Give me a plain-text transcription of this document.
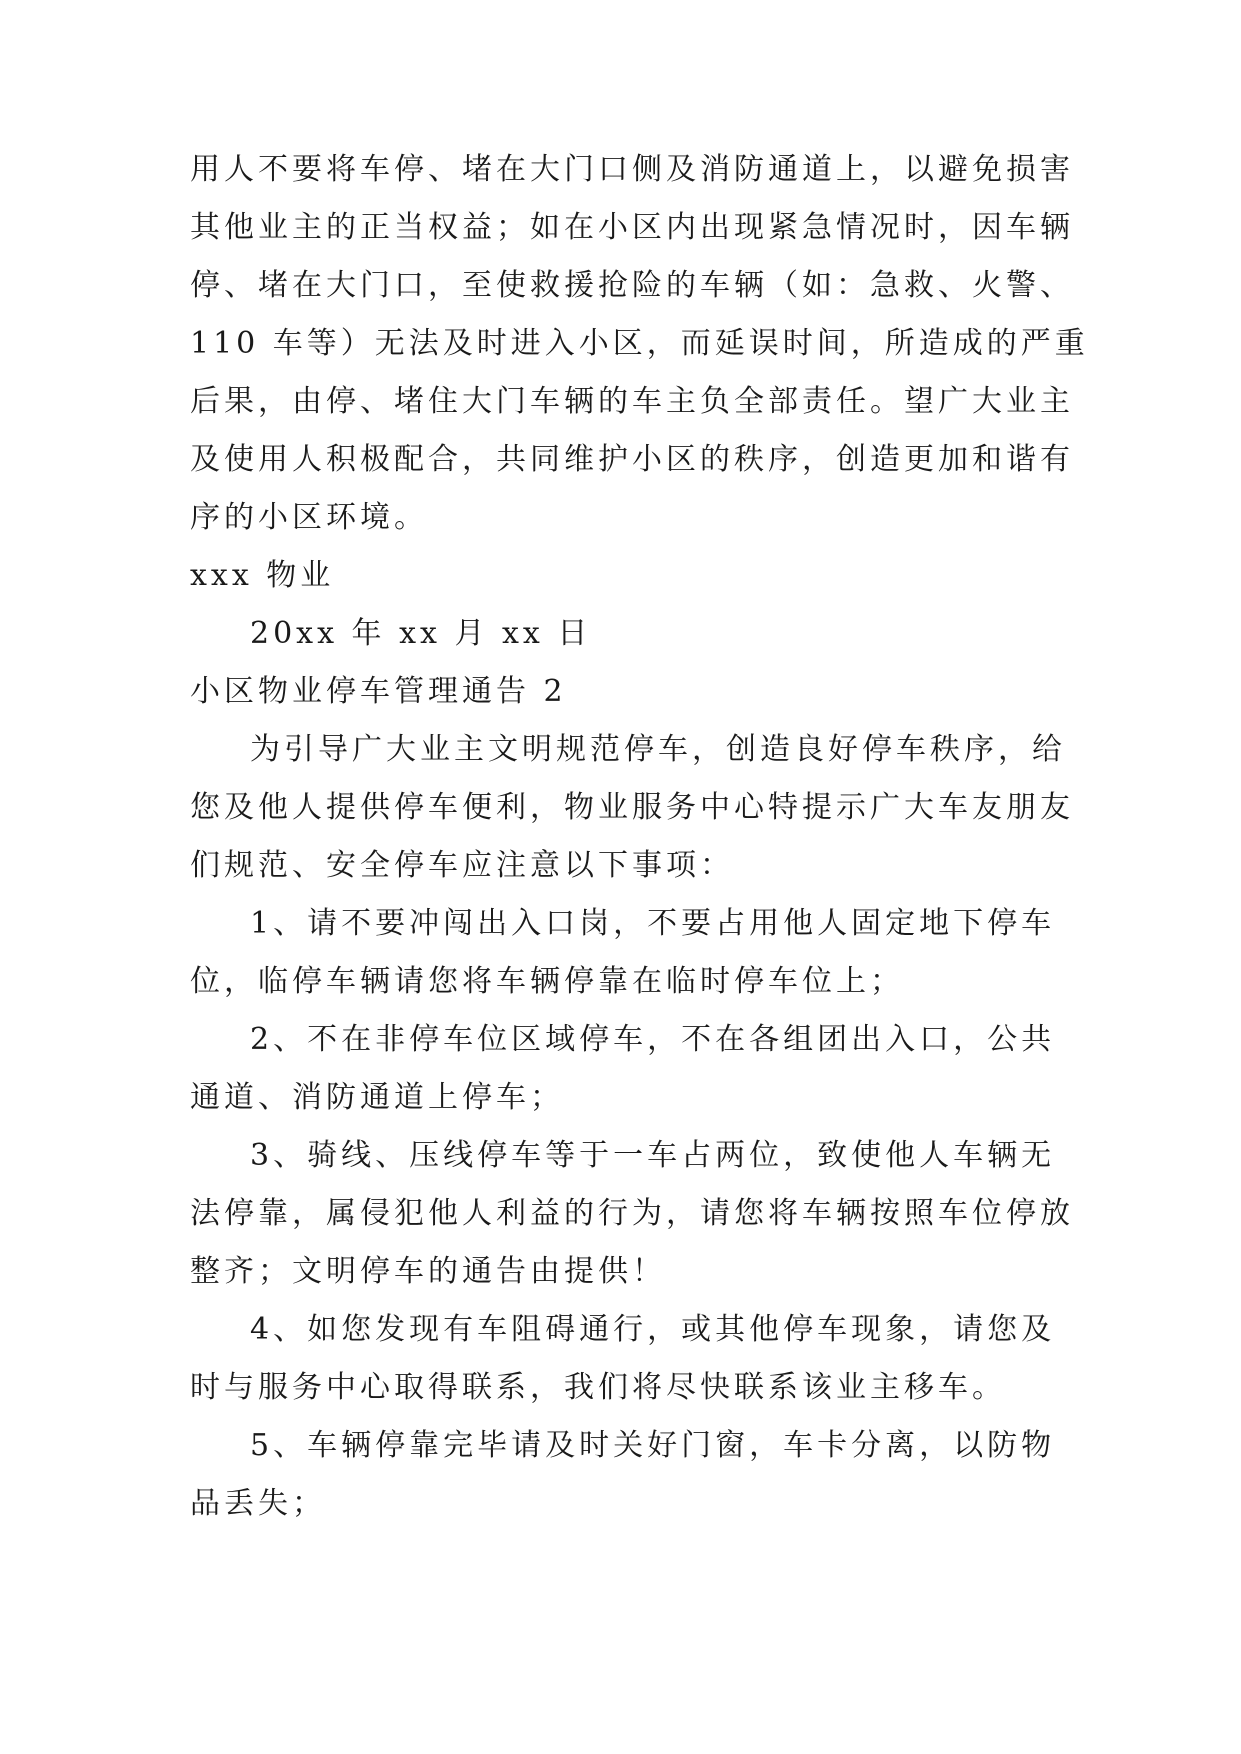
用人不要将车停、堵在大门口侧及消防通道上，以避免损害
其他业主的正当权益；如在小区内出现紧急情况时，因车辆
停、堵在大门口，至使救援抢险的车辆（如：急救、火警、
110 车等）无法及时进入小区，而延误时间，所造成的严重
后果，由停、堵住大门车辆的车主负全部责任。望广大业主
及使用人积极配合，共同维护小区的秩序，创造更加和谐有
序的小区环境。
xxx 物业
20xx 年 xx 月 xx 日
小区物业停车管理通告 2
为引导广大业主文明规范停车，创造良好停车秩序，给
您及他人提供停车便利，物业服务中心特提示广大车友朋友
们规范、安全停车应注意以下事项：
1、请不要冲闯出入口岗，不要占用他人固定地下停车
位，临停车辆请您将车辆停靠在临时停车位上；
2、不在非停车位区域停车，不在各组团出入口，公共
通道、消防通道上停车；
3、骑线、压线停车等于一车占两位，致使他人车辆无
法停靠，属侵犯他人利益的行为，请您将车辆按照车位停放
整齐；文明停车的通告由提供！
4、如您发现有车阻碍通行，或其他停车现象，请您及
时与服务中心取得联系，我们将尽快联系该业主移车。
5、车辆停靠完毕请及时关好门窗，车卡分离，以防物
品丢失；
